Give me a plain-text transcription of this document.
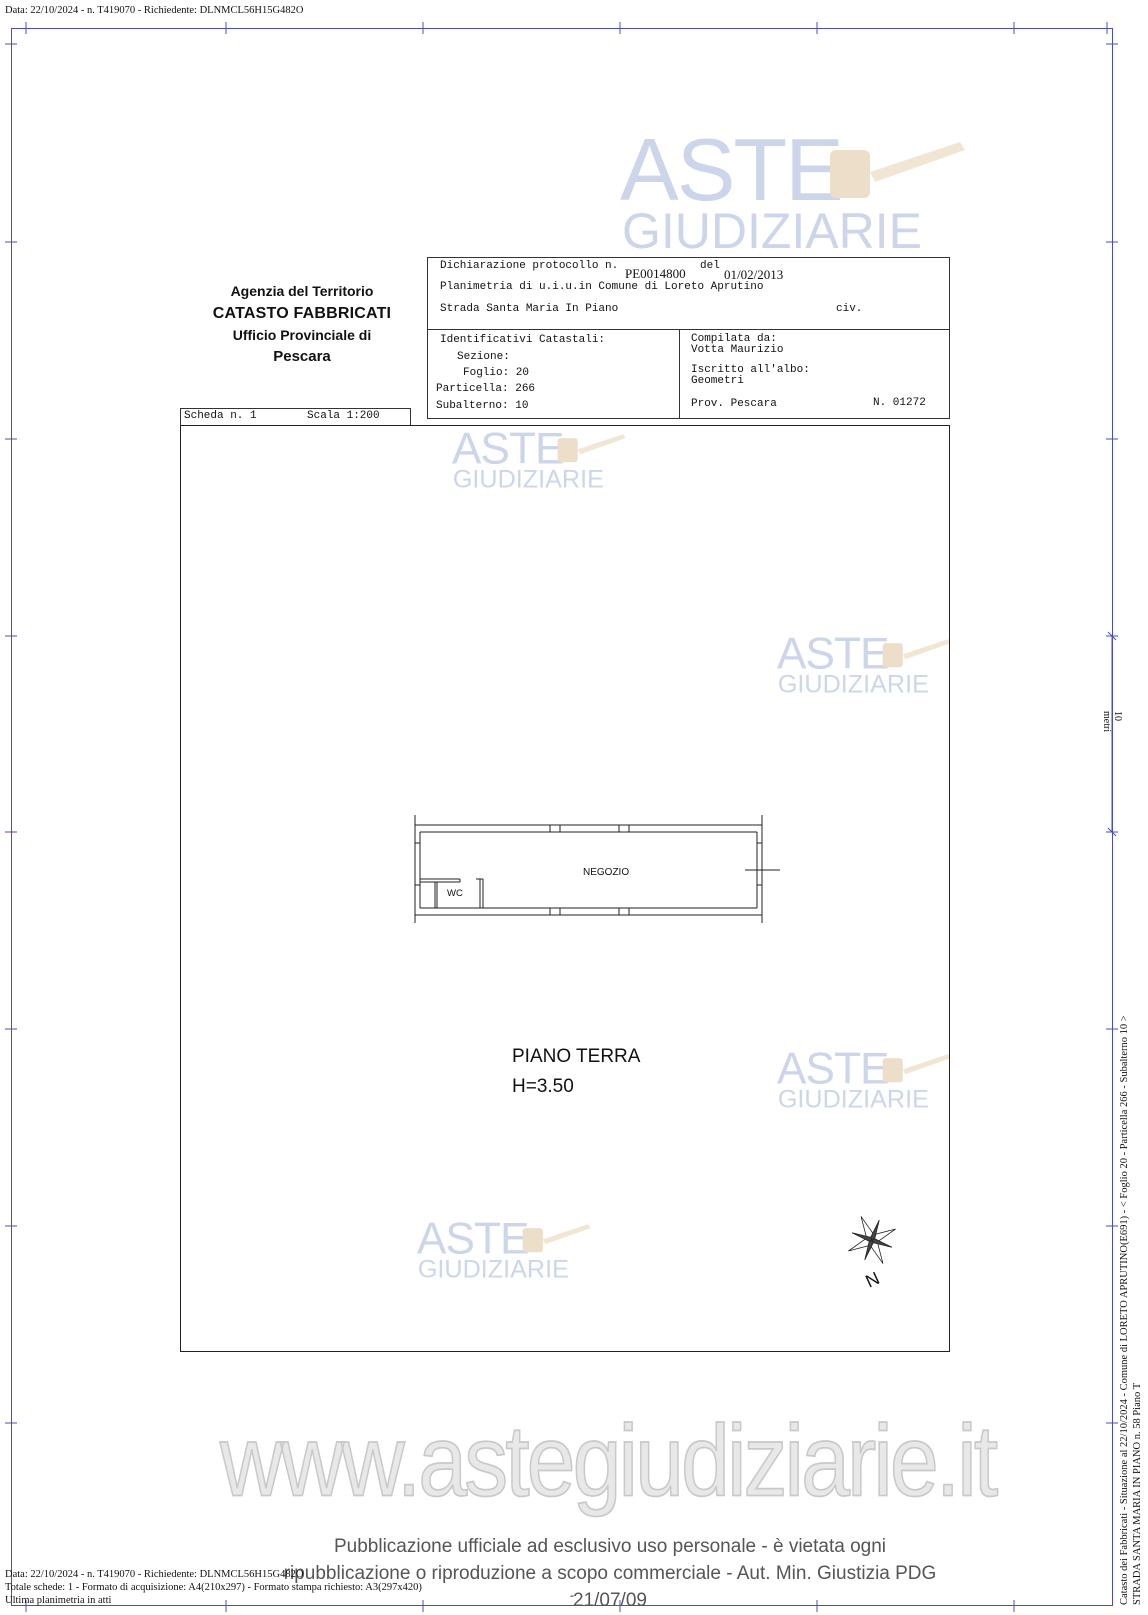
Data: 22/10/2024 - n. T419070 - Richiedente: DLNMCL56H15G482O
ASTE
GIUDIZIARIE
ASTE
GIUDIZIARIE
ASTE
GIUDIZIARIE
ASTE
GIUDIZIARIE
ASTE
GIUDIZIARIE
Agenzia del Territorio
CATASTO FABBRICATI
Ufficio Provinciale di
Pescara
Dichiarazione protocollo n. PE0014800 del
01/02/2013
Planimetria di u.i.u.in Comune di Loreto Aprutino
Strada Santa Maria In Piano	civ.
Identificativi Catastali:
Sezione:
Foglio: 20
Particella: 266
Subalterno: 10
Compilata da:
Votta Maurizio
Iscritto all'albo:
Geometri
Prov. Pescara	N. 01272
Scheda n. 1	Scala 1:200
NEGOZIO
WC
PIANO TERRA
H=3.50
N	Catasto dei Fabbricati - Situazione al 22/10/2024 - Comune di LORETO APRUTINO(E691) - < Foglio 20 - Particella 266 - Subalterno 10 > STRADA SANTA MARIA IN PIANO n. 58 Piano T
10 metri
www.astegiudiziarie.it
Pubblicazione ufficiale ad esclusivo uso personale - è vietata ogni
ripubblicazione o riproduzione a scopo commerciale - Aut. Min. Giustizia PDG 21/07/09
Data: 22/10/2024 - n. T419070 - Richiedente: DLNMCL56H15G482O
Totale schede: 1 - Formato di acquisizione: A4(210x297) - Formato stampa richiesto: A3(297x420)
Ultima planimetria in atti	-
